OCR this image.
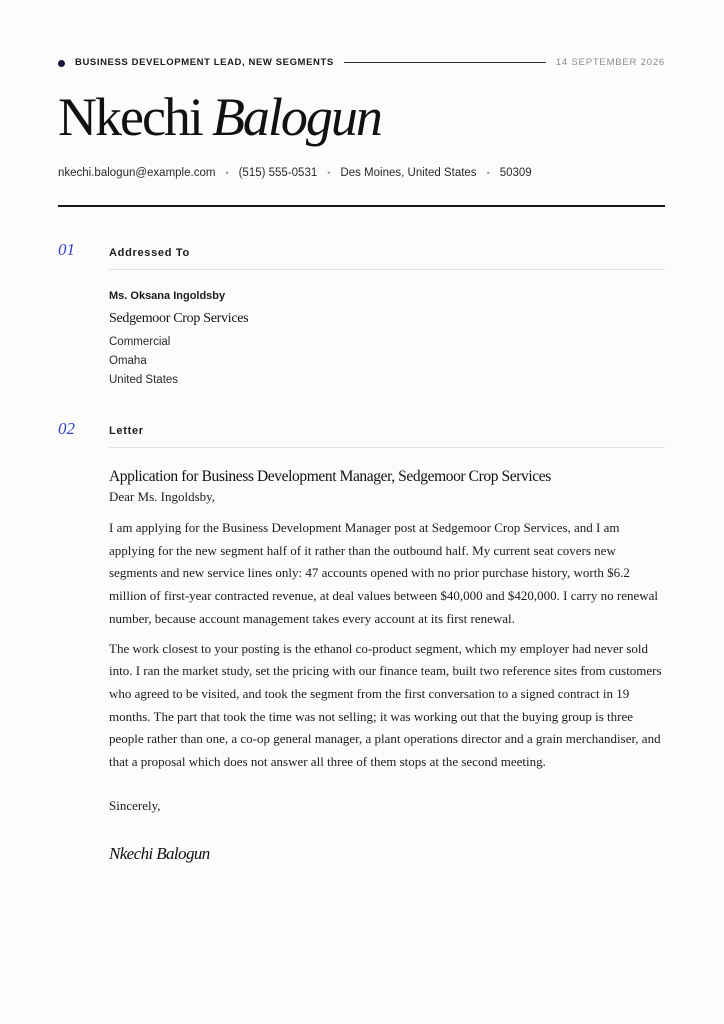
BUSINESS DEVELOPMENT LEAD, NEW SEGMENTS	14 SEPTEMBER 2026
Nkechi Balogun
nkechi.balogun@example.com • (515) 555-0531 • Des Moines, United States • 50309
01	Addressed To
Ms. Oksana Ingoldsby
Sedgemoor Crop Services
Commercial
Omaha
United States
02	Letter
Application for Business Development Manager, Sedgemoor Crop Services
Dear Ms. Ingoldsby,

I am applying for the Business Development Manager post at Sedgemoor Crop Services, and I am applying for the new segment half of it rather than the outbound half. My current seat covers new segments and new service lines only: 47 accounts opened with no prior purchase history, worth $6.2 million of first-year contracted revenue, at deal values between $40,000 and $420,000. I carry no renewal number, because account management takes every account at its first renewal.

The work closest to your posting is the ethanol co-product segment, which my employer had never sold into. I ran the market study, set the pricing with our finance team, built two reference sites from customers who agreed to be visited, and took the segment from the first conversation to a signed contract in 19 months. The part that took the time was not selling; it was working out that the buying group is three people rather than one, a co-op general manager, a plant operations director and a grain merchandiser, and that a proposal which does not answer all three of them stops at the second meeting.

Sincerely,
Nkechi Balogun
